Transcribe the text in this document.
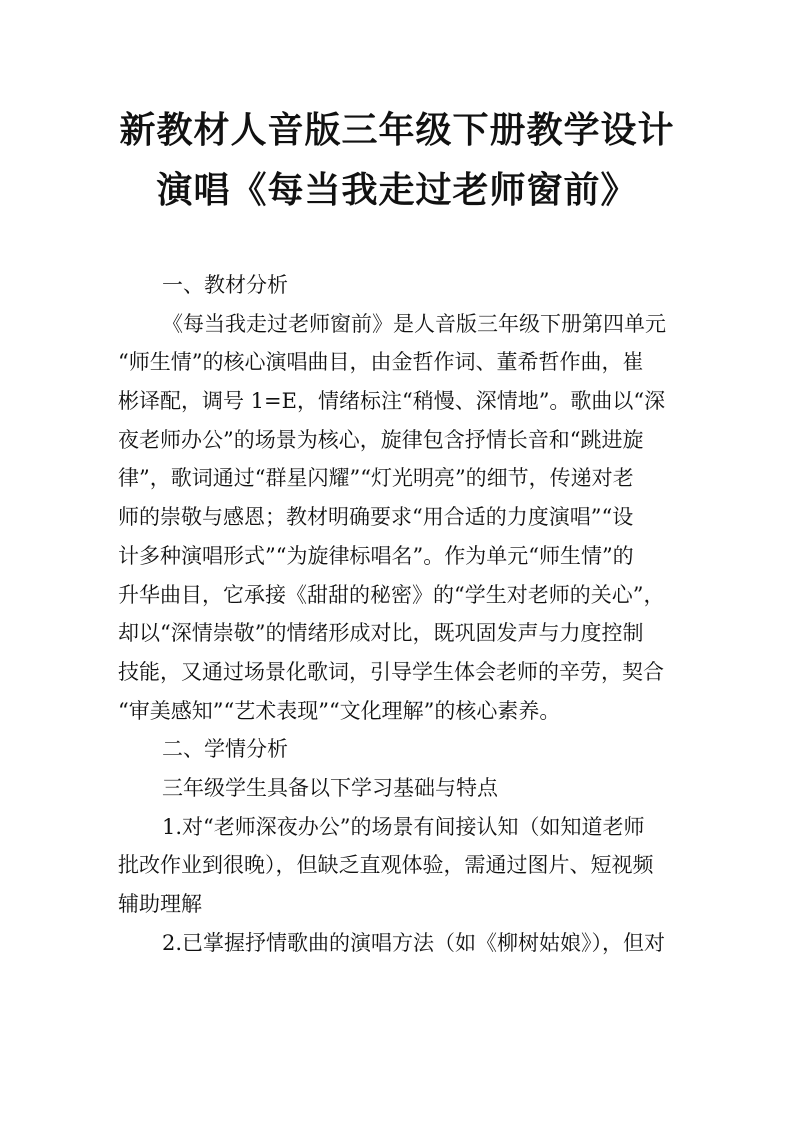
新教材人音版三年级下册教学设计
演唱《每当我走过老师窗前》
一、教材分析
《每当我走过老师窗前》是人音版三年级下册第四单元
“师生情”的核心演唱曲目，由金哲作词、董希哲作曲，崔
彬译配，调号 1=E，情绪标注“稍慢、深情地”。歌曲以“深
夜老师办公”的场景为核心，旋律包含抒情长音和“跳进旋
律”，歌词通过“群星闪耀”“灯光明亮”的细节，传递对老
师的崇敬与感恩；教材明确要求“用合适的力度演唱”“设
计多种演唱形式”“为旋律标唱名”。作为单元“师生情”的
升华曲目，它承接《甜甜的秘密》的“学生对老师的关心”，
却以“深情崇敬”的情绪形成对比，既巩固发声与力度控制
技能，又通过场景化歌词，引导学生体会老师的辛劳，契合
“审美感知”“艺术表现”“文化理解”的核心素养。
二、学情分析
三年级学生具备以下学习基础与特点
1.对“老师深夜办公”的场景有间接认知（如知道老师
批改作业到很晚），但缺乏直观体验，需通过图片、短视频
辅助理解
2.已掌握抒情歌曲的演唱方法（如《柳树姑娘》），但对
